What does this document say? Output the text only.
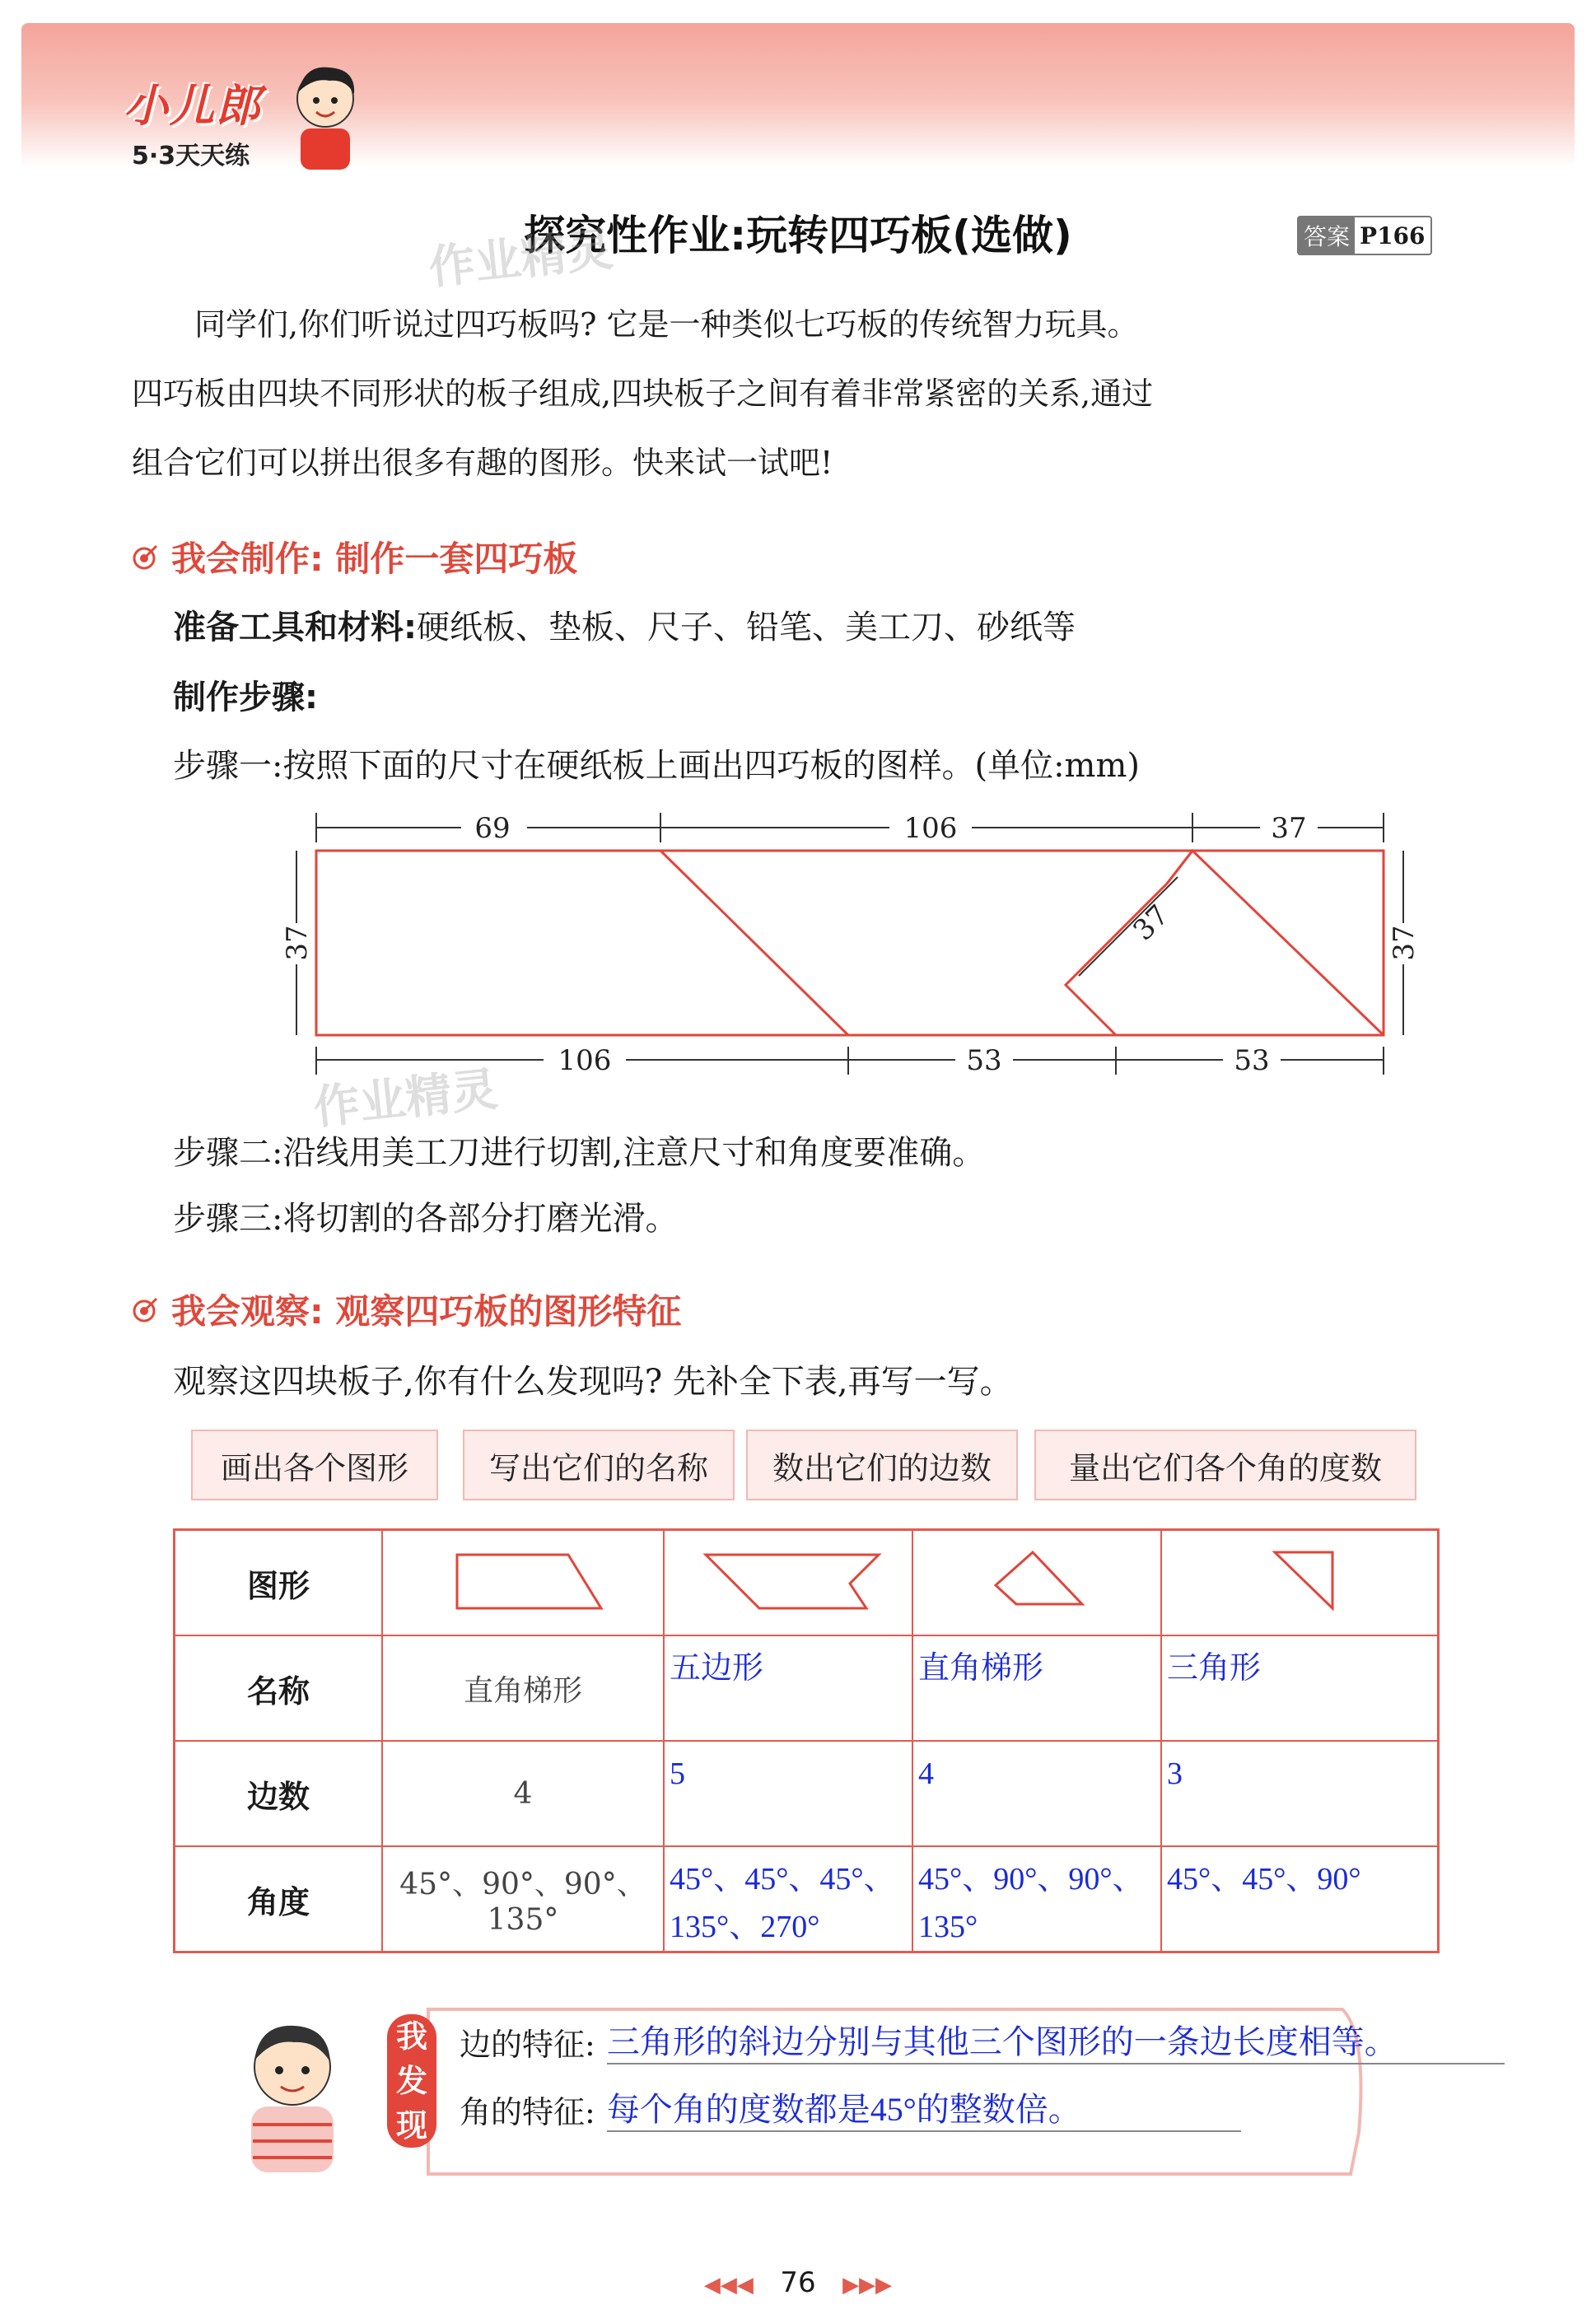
小儿郎
5·3天天练
探究性作业:玩转四巧板(选做)	答案 P166
作业精灵
同学们,你们听说过四巧板吗? 它是一种类似七巧板的传统智力玩具。
四巧板由四块不同形状的板子组成,四块板子之间有着非常紧密的关系,通过
组合它们可以拼出很多有趣的图形。快来试一试吧!
我会制作: 制作一套四巧板
准备工具和材料:硬纸板、垫板、尺子、铅笔、美工刀、砂纸等
制作步骤:
步骤一:按照下面的尺寸在硬纸板上画出四巧板的图样。(单位:mm)
69	106	37
106	53	53
37	37
37
作业精灵
步骤二:沿线用美工刀进行切割,注意尺寸和角度要准确。
步骤三:将切割的各部分打磨光滑。
我会观察: 观察四巧板的图形特征
观察这四块板子,你有什么发现吗? 先补全下表,再写一写。
画出各个图形	写出它们的名称	数出它们的边数	量出它们各个角的度数
图形				
名称	直角梯形	五边形	直角梯形	三角形

边数	4	5	4	3

角度	45°、90°、90°、135°	45°、45°、45°、135°、270°	45°、90°、90°、135°	45°、45°、90°
我
发
现
边的特征: 三角形的斜边分别与其他三个图形的一条边长度相等。
角的特征: 每个角的度数都是45°的整数倍。
◀◀◀ 76 ▶▶▶
